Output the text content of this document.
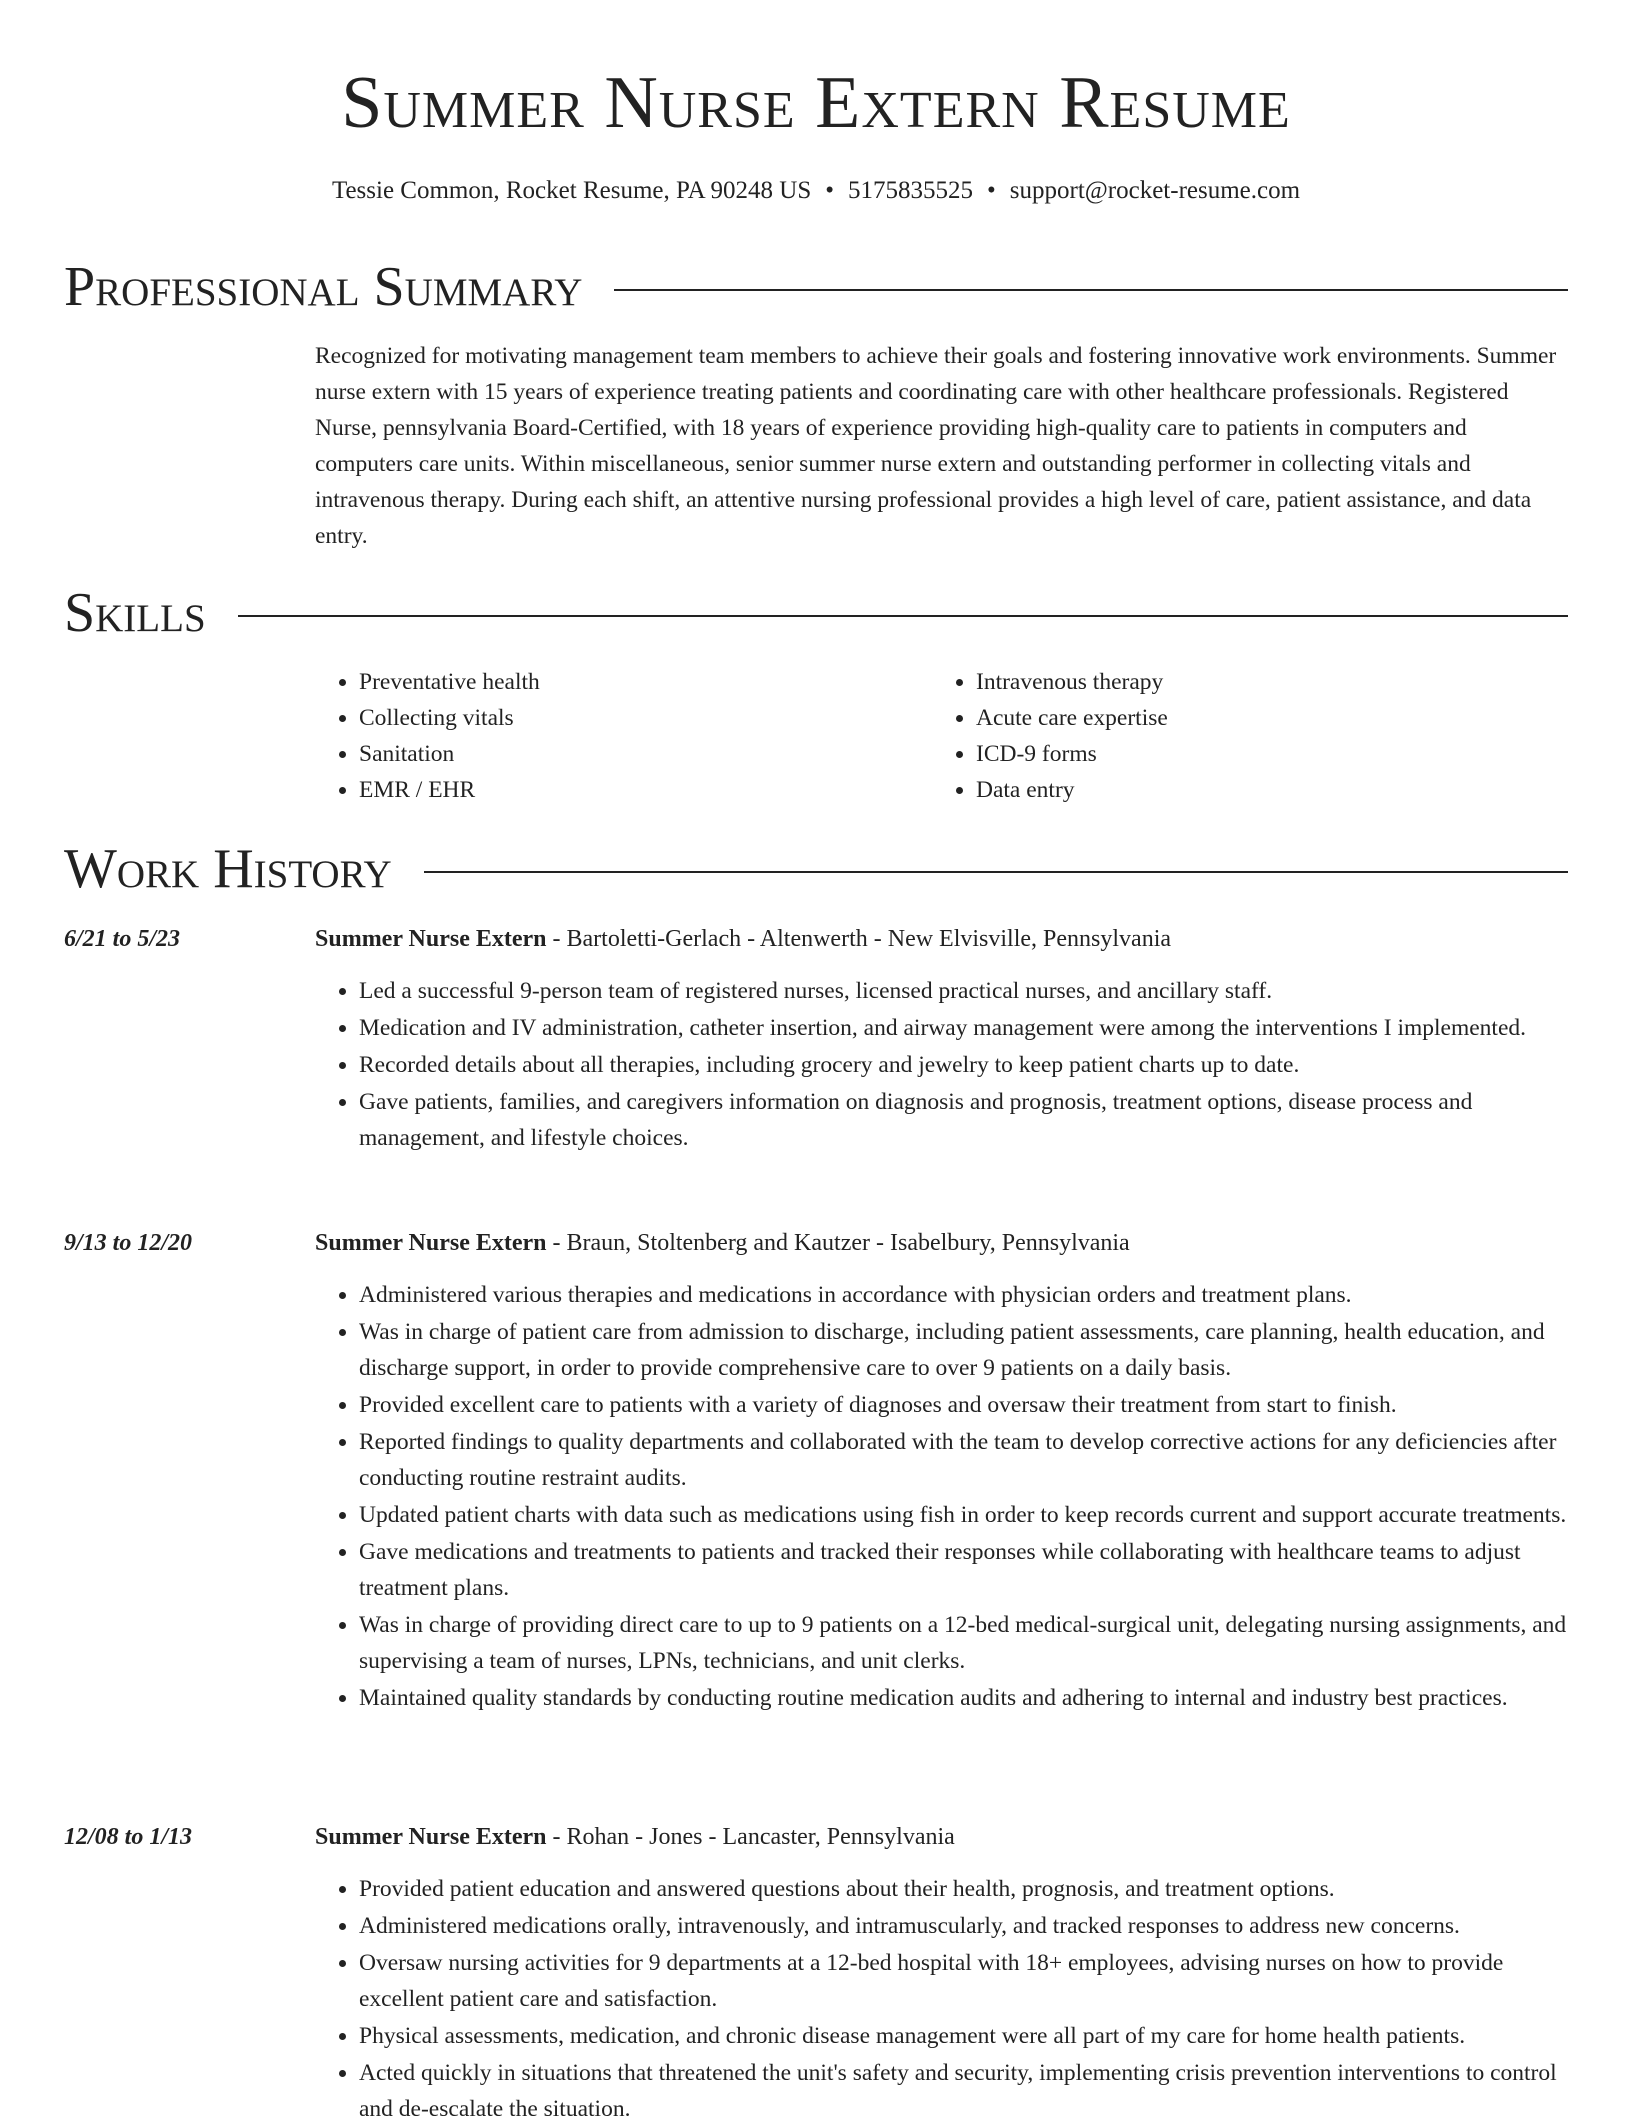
Summer Nurse Extern Resume
Tessie Common, Rocket Resume, PA 90248 US • 5175835525 • support@rocket-resume.com
Professional Summary
Recognized for motivating management team members to achieve their goals and fostering innovative work environments. Summer nurse extern with 15 years of experience treating patients and coordinating care with other healthcare professionals. Registered Nurse, pennsylvania Board-Certified, with 18 years of experience providing high-quality care to patients in computers and computers care units. Within miscellaneous, senior summer nurse extern and outstanding performer in collecting vitals and intravenous therapy. During each shift, an attentive nursing professional provides a high level of care, patient assistance, and data entry.
Skills
• Preventative health
• Collecting vitals
• Sanitation
• EMR / EHR
• Intravenous therapy
• Acute care expertise
• ICD-9 forms
• Data entry
Work History
6/21 to 5/23	Summer Nurse Extern - Bartoletti-Gerlach - Altenwerth - New Elvisville, Pennsylvania
• Led a successful 9-person team of registered nurses, licensed practical nurses, and ancillary staff.
• Medication and IV administration, catheter insertion, and airway management were among the interventions I implemented.
• Recorded details about all therapies, including grocery and jewelry to keep patient charts up to date.
• Gave patients, families, and caregivers information on diagnosis and prognosis, treatment options, disease process and management, and lifestyle choices.
9/13 to 12/20	Summer Nurse Extern - Braun, Stoltenberg and Kautzer - Isabelbury, Pennsylvania
• Administered various therapies and medications in accordance with physician orders and treatment plans.
• Was in charge of patient care from admission to discharge, including patient assessments, care planning, health education, and discharge support, in order to provide comprehensive care to over 9 patients on a daily basis.
• Provided excellent care to patients with a variety of diagnoses and oversaw their treatment from start to finish.
• Reported findings to quality departments and collaborated with the team to develop corrective actions for any deficiencies after conducting routine restraint audits.
• Updated patient charts with data such as medications using fish in order to keep records current and support accurate treatments.
• Gave medications and treatments to patients and tracked their responses while collaborating with healthcare teams to adjust treatment plans.
• Was in charge of providing direct care to up to 9 patients on a 12-bed medical-surgical unit, delegating nursing assignments, and supervising a team of nurses, LPNs, technicians, and unit clerks.
• Maintained quality standards by conducting routine medication audits and adhering to internal and industry best practices.
12/08 to 1/13	Summer Nurse Extern - Rohan - Jones - Lancaster, Pennsylvania
• Provided patient education and answered questions about their health, prognosis, and treatment options.
• Administered medications orally, intravenously, and intramuscularly, and tracked responses to address new concerns.
• Oversaw nursing activities for 9 departments at a 12-bed hospital with 18+ employees, advising nurses on how to provide excellent patient care and satisfaction.
• Physical assessments, medication, and chronic disease management were all part of my care for home health patients.
• Acted quickly in situations that threatened the unit's safety and security, implementing crisis prevention interventions to control and de-escalate the situation.
